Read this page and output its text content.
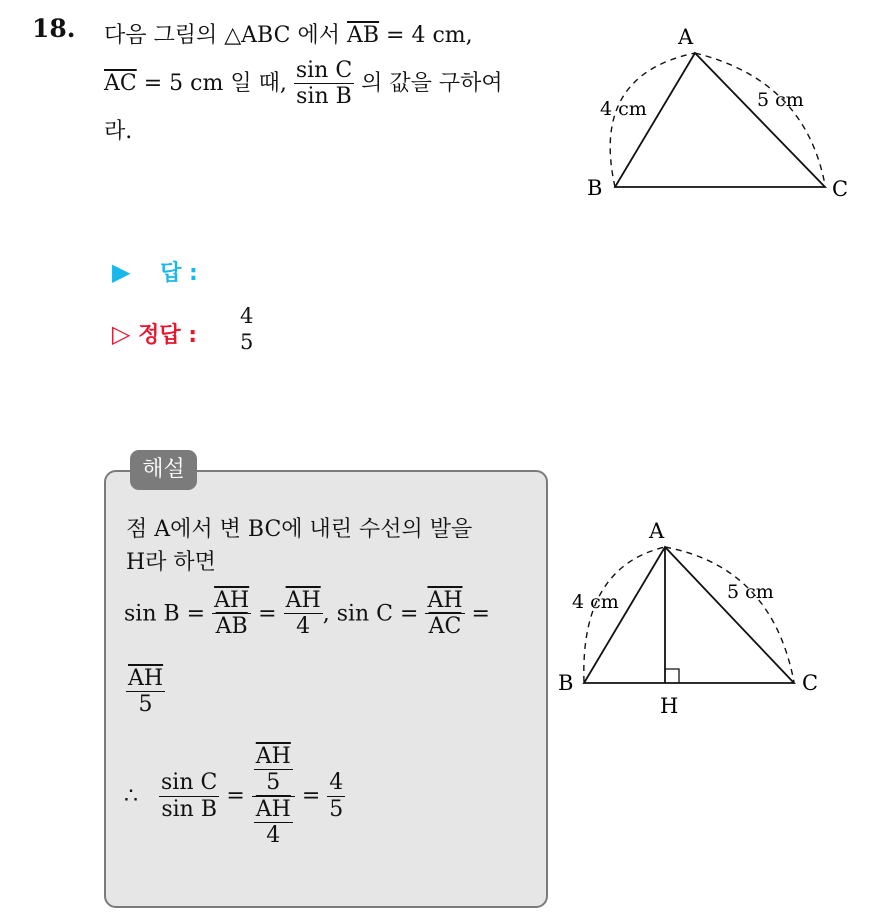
18. 다음 그림의 △ABC 에서 $\overline{AB} = 4$ cm,
$\overline{AC} = 5$ cm 일 때, $\frac{\text{sin C}}{\text{sin B}}$ 의 값을 구하여
라.
A
B	C
4 cm	5 cm
▶ 답 :
▷ 정답 :
4
5
해설
점 A에서 변 BC에 내린 수선의 발을
H라 하면
$\sin B = \frac{\overline{AH}}{AB} = \frac{\overline{AH}}{4}$ , $\sin C = \frac{\overline{AH}}{AC}$ =
$\frac{\overline{AH}}{5}$
∴ $\frac{\text{sin C}}{\text{sin B}} = \frac{\frac{\overline{AH}}{5}}{\frac{\overline{AH}}{4}} = \frac{4}{5}$
A
B	C
H
4 cm	5 cm
